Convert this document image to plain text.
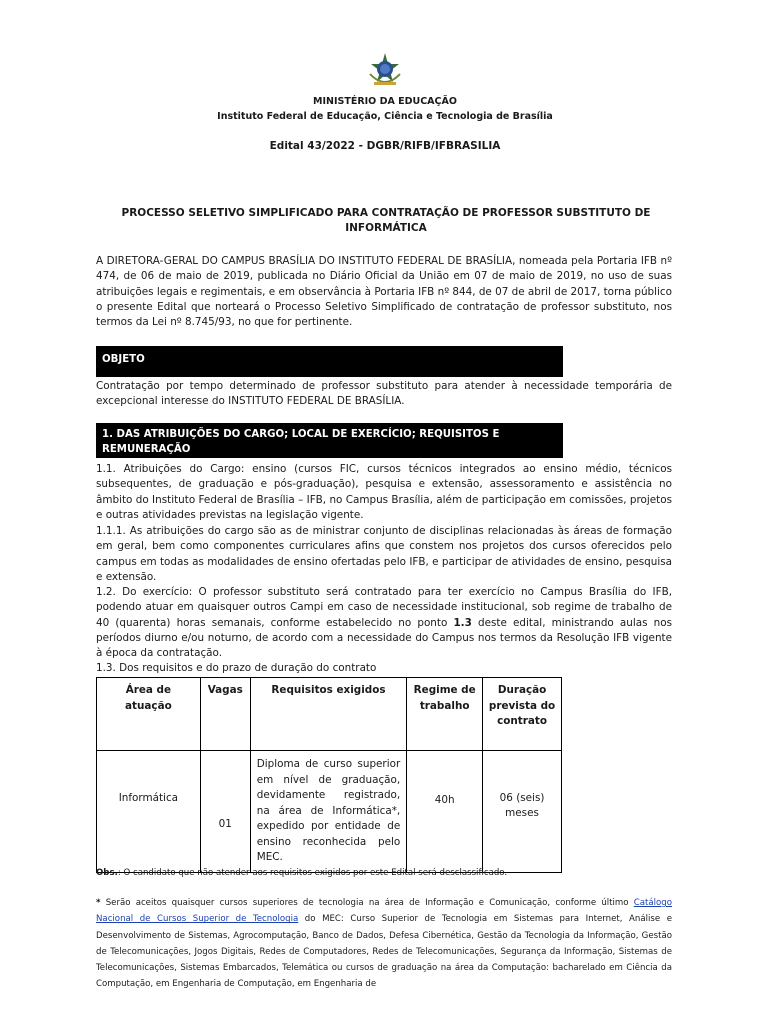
MINISTÉRIO DA EDUCAÇÃO
Instituto Federal de Educação, Ciência e Tecnologia de Brasília
Edital 43/2022 - DGBR/RIFB/IFBRASILIA
PROCESSO SELETIVO SIMPLIFICADO PARA CONTRATAÇÃO DE PROFESSOR SUBSTITUTO DE INFORMÁTICA

A DIRETORA-GERAL DO CAMPUS BRASÍLIA DO INSTITUTO FEDERAL DE BRASÍLIA, nomeada pela Portaria IFB nº 474, de 06 de maio de 2019, publicada no Diário Oficial da União em 07 de maio de 2019, no uso de suas atribuições legais e regimentais, e em observância à Portaria IFB nº 844, de 07 de abril de 2017, torna público o presente Edital que norteará o Processo Seletivo Simplificado de contratação de professor substituto, nos termos da Lei nº 8.745/93, no que for pertinente.

OBJETO

Contratação por tempo determinado de professor substituto para atender à necessidade temporária de excepcional interesse do INSTITUTO FEDERAL DE BRASÍLIA.

1. DAS ATRIBUIÇÕES DO CARGO; LOCAL DE EXERCÍCIO; REQUISITOS E REMUNERAÇÃO

1.1. Atribuições do Cargo: ensino (cursos FIC, cursos técnicos integrados ao ensino médio, técnicos subsequentes, de graduação e pós-graduação), pesquisa e extensão, assessoramento e assistência no âmbito do Instituto Federal de Brasília – IFB, no Campus Brasília, além de participação em comissões, projetos e outras atividades previstas na legislação vigente.

1.1.1. As atribuições do cargo são as de ministrar conjunto de disciplinas relacionadas às áreas de formação em geral, bem como componentes curriculares afins que constem nos projetos dos cursos oferecidos pelo campus em todas as modalidades de ensino ofertadas pelo IFB, e participar de atividades de ensino, pesquisa e extensão.

1.2. Do exercício: O professor substituto será contratado para ter exercício no Campus Brasília do IFB, podendo atuar em quaisquer outros Campi em caso de necessidade institucional, sob regime de trabalho de 40 (quarenta) horas semanais, conforme estabelecido no ponto 1.3 deste edital, ministrando aulas nos períodos diurno e/ou noturno, de acordo com a necessidade do Campus nos termos da Resolução IFB vigente à época da contratação.

1.3. Dos requisitos e do prazo de duração do contrato

Área de atuação	Vagas	Requisitos exigidos	Regime de trabalho	Duração prevista do contrato
Informática	01	Diploma de curso superior em nível de graduação, devidamente registrado, na área de Informática*, expedido por entidade de ensino reconhecida pelo MEC.	40h	06 (seis) meses
Obs.: O candidato que não atender aos requisitos exigidos por este Edital será desclassificado.

* Serão aceitos quaisquer cursos superiores de tecnologia na área de Informação e Comunicação, conforme último Catálogo Nacional de Cursos Superior de Tecnologia do MEC: Curso Superior de Tecnologia em Sistemas para Internet, Análise e Desenvolvimento de Sistemas, Agrocomputação, Banco de Dados, Defesa Cibernética, Gestão da Tecnologia da Informação, Gestão de Telecomunicações, Jogos Digitais, Redes de Computadores, Redes de Telecomunicações, Segurança da Informação, Sistemas de Telecomunicações, Sistemas Embarcados, Telemática ou cursos de graduação na área da Computação: bacharelado em Ciência da Computação, em Engenharia de Computação, em Engenharia de
